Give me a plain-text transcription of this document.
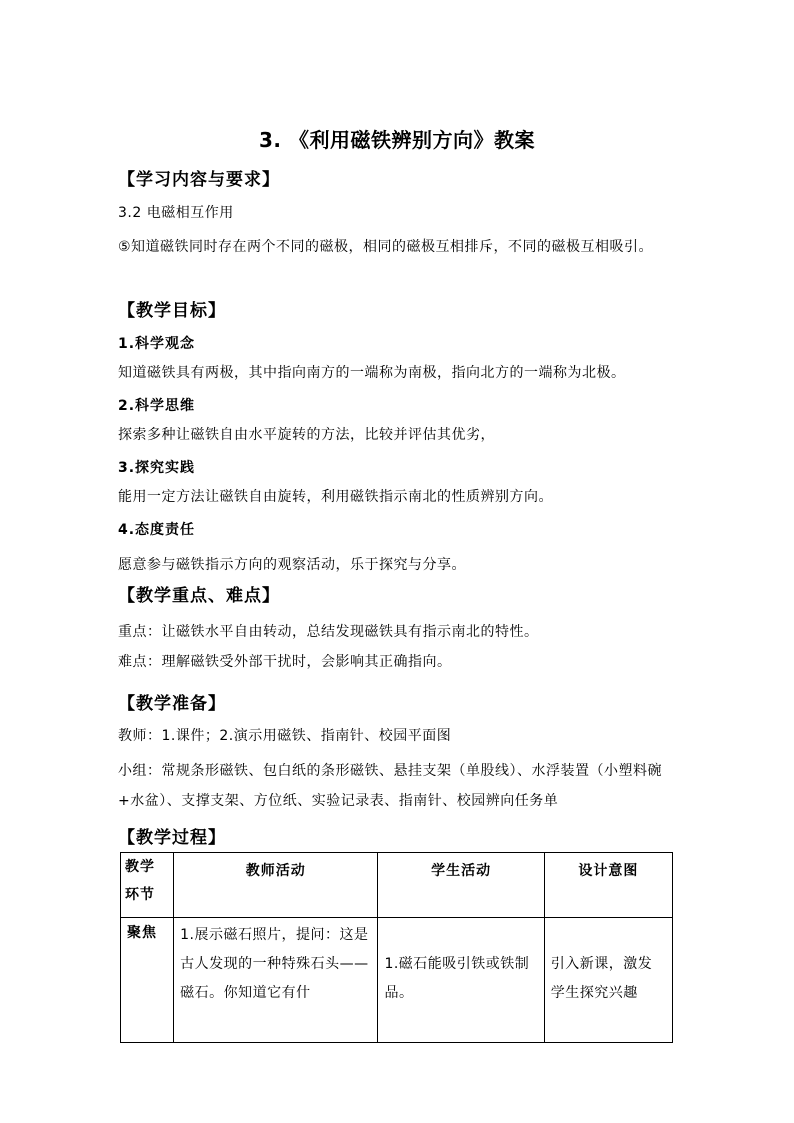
3. 《利用磁铁辨别方向》教案
【学习内容与要求】
3.2 电磁相互作用
⑤知道磁铁同时存在两个不同的磁极，相同的磁极互相排斥，不同的磁极互相吸引。
【教学目标】
1.科学观念
知道磁铁具有两极，其中指向南方的一端称为南极，指向北方的一端称为北极。
2.科学思维
探索多种让磁铁自由水平旋转的方法，比较并评估其优劣，
3.探究实践
能用一定方法让磁铁自由旋转，利用磁铁指示南北的性质辨别方向。
4.态度责任
愿意参与磁铁指示方向的观察活动，乐于探究与分享。
【教学重点、难点】
重点：让磁铁水平自由转动，总结发现磁铁具有指示南北的特性。
难点：理解磁铁受外部干扰时，会影响其正确指向。
【教学准备】
教师：1.课件；2.演示用磁铁、指南针、校园平面图
小组：常规条形磁铁、包白纸的条形磁铁、悬挂支架（单股线）、水浮装置（小塑料碗+水盆）、支撑支架、方位纸、实验记录表、指南针、校园辨向任务单
【教学过程】
教学环节	教师活动	学生活动	设计意图
聚焦	1.展示磁石照片，提问：这是古人发现的一种特殊石头——磁石。你知道它有什	1.磁石能吸引铁或铁制品。	引入新课，激发学生探究兴趣
